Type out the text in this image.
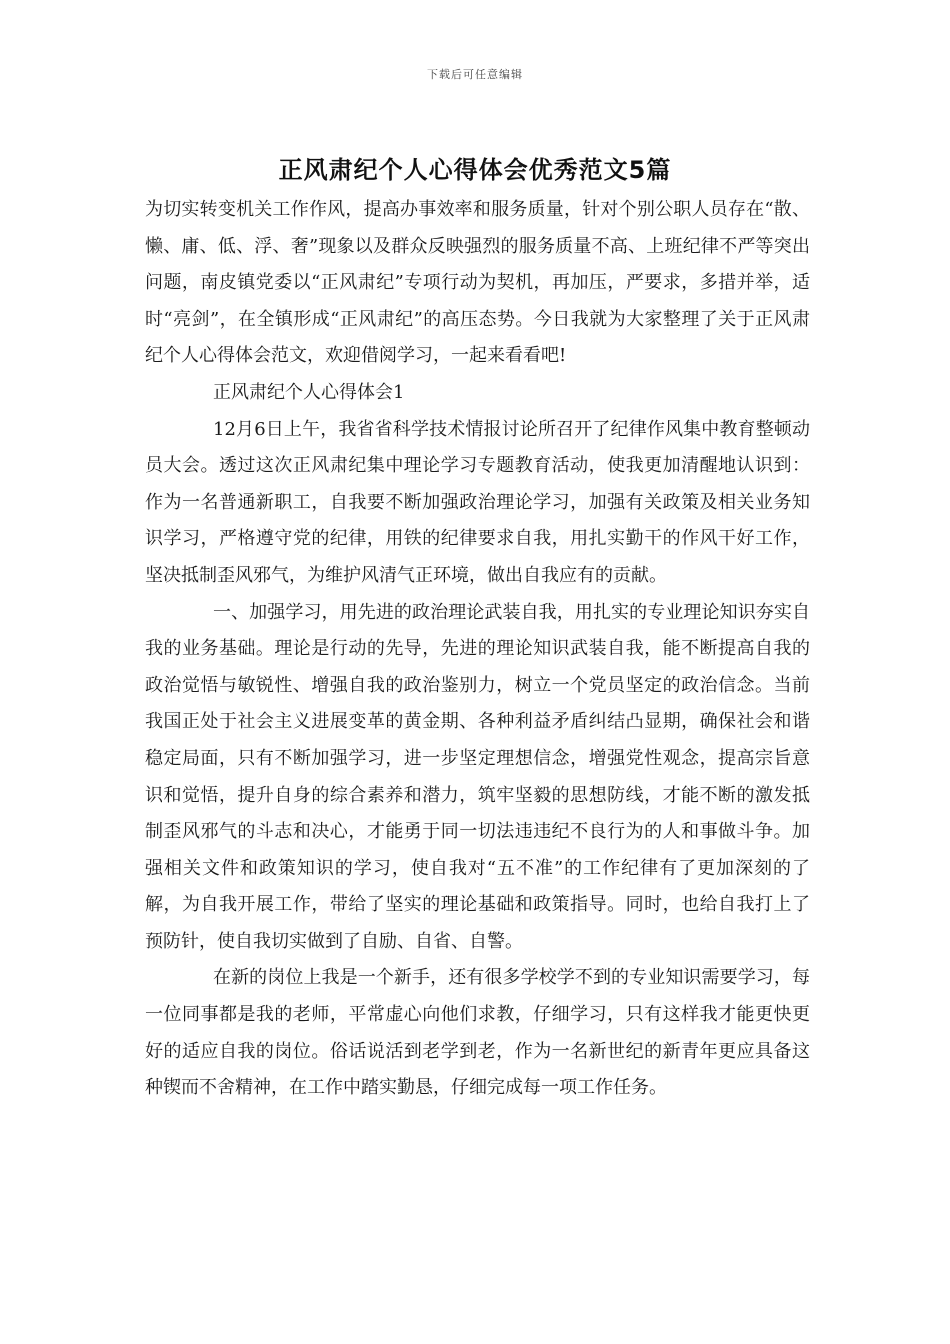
下载后可任意编辑
正风肃纪个人心得体会优秀范文5篇

为切实转变机关工作作风，提高办事效率和服务质量，针对个别公职人员存在“散、懒、庸、低、浮、奢”现象以及群众反映强烈的服务质量不高、上班纪律不严等突出问题，南皮镇党委以“正风肃纪”专项行动为契机，再加压，严要求，多措并举，适时“亮剑”，在全镇形成“正风肃纪”的高压态势。今日我就为大家整理了关于正风肃纪个人心得体会范文，欢迎借阅学习，一起来看看吧!

正风肃纪个人心得体会1

12月6日上午，我省省科学技术情报讨论所召开了纪律作风集中教育整顿动员大会。透过这次正风肃纪集中理论学习专题教育活动，使我更加清醒地认识到：作为一名普通新职工，自我要不断加强政治理论学习，加强有关政策及相关业务知识学习，严格遵守党的纪律，用铁的纪律要求自我，用扎实勤干的作风干好工作，坚决抵制歪风邪气，为维护风清气正环境，做出自我应有的贡献。

一、加强学习，用先进的政治理论武装自我，用扎实的专业理论知识夯实自我的业务基础。理论是行动的先导，先进的理论知识武装自我，能不断提高自我的政治觉悟与敏锐性、增强自我的政治鉴别力，树立一个党员坚定的政治信念。当前我国正处于社会主义进展变革的黄金期、各种利益矛盾纠结凸显期，确保社会和谐稳定局面，只有不断加强学习，进一步坚定理想信念，增强党性观念，提高宗旨意识和觉悟，提升自身的综合素养和潜力，筑牢坚毅的思想防线，才能不断的激发抵制歪风邪气的斗志和决心，才能勇于同一切法违违纪不良行为的人和事做斗争。加强相关文件和政策知识的学习，使自我对“五不准”的工作纪律有了更加深刻的了解，为自我开展工作，带给了坚实的理论基础和政策指导。同时，也给自我打上了预防针，使自我切实做到了自励、自省、自警。

在新的岗位上我是一个新手，还有很多学校学不到的专业知识需要学习，每一位同事都是我的老师，平常虚心向他们求教，仔细学习，只有这样我才能更快更好的适应自我的岗位。俗话说活到老学到老，作为一名新世纪的新青年更应具备这种锲而不舍精神，在工作中踏实勤恳，仔细完成每一项工作任务。
